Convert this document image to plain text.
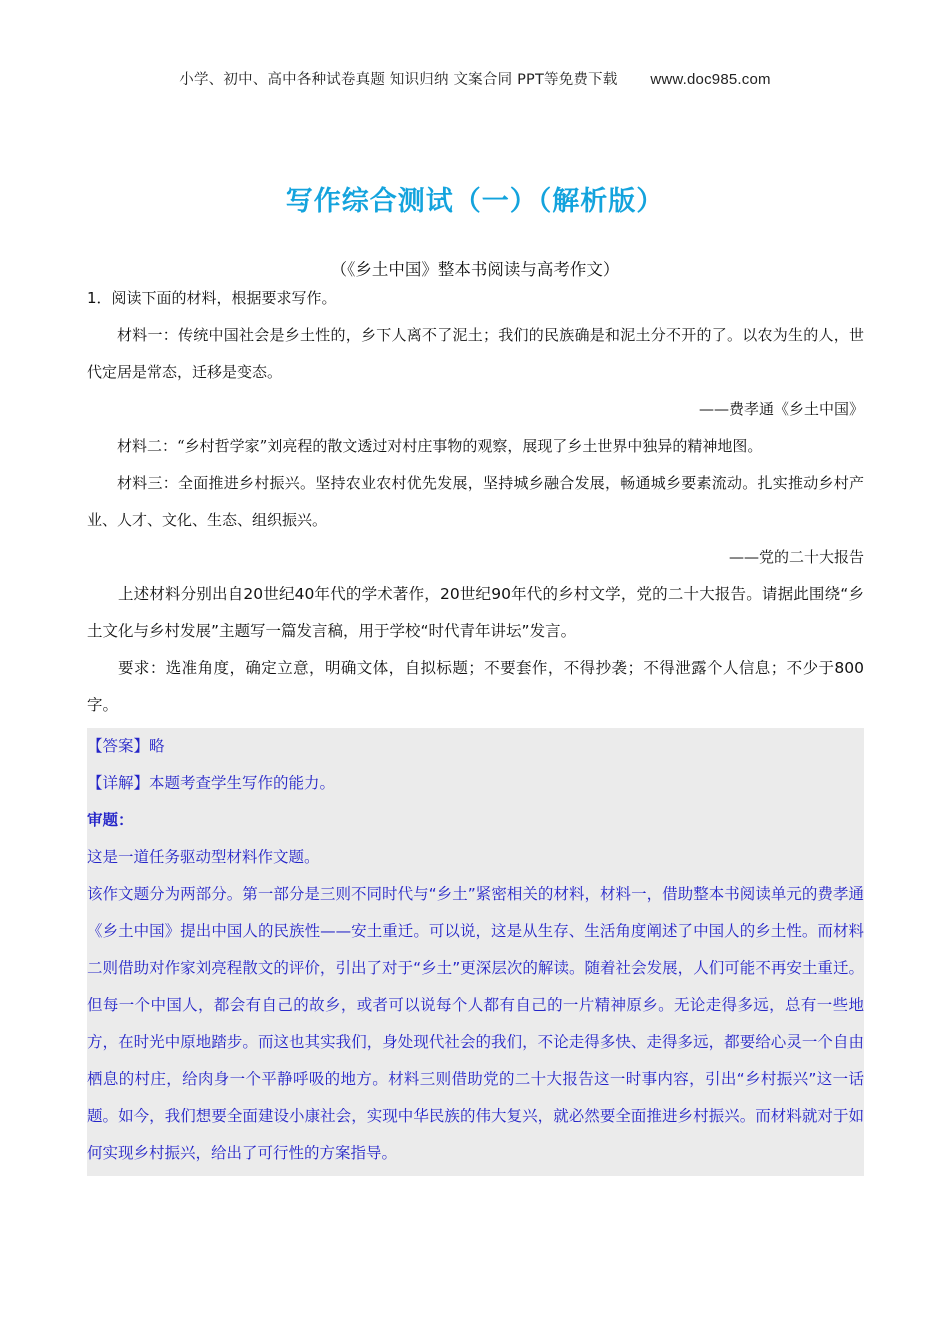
小学、初中、高中各种试卷真题 知识归纳 文案合同 PPT等免费下载 www.doc985.com
写作综合测试（一）（解析版）
（《乡土中国》整本书阅读与高考作文）

1．阅读下面的材料，根据要求写作。

材料一：传统中国社会是乡土性的，乡下人离不了泥土；我们的民族确是和泥土分不开的了。以农为生的人，世代定居是常态，迁移是变态。

——费孝通《乡土中国》

材料二：“乡村哲学家”刘亮程的散文透过对村庄事物的观察，展现了乡土世界中独异的精神地图。

材料三：全面推进乡村振兴。坚持农业农村优先发展，坚持城乡融合发展，畅通城乡要素流动。扎实推动乡村产业、人才、文化、生态、组织振兴。

——党的二十大报告

上述材料分别出自20世纪40年代的学术著作，20世纪90年代的乡村文学，党的二十大报告。请据此围绕“乡土文化与乡村发展”主题写一篇发言稿，用于学校“时代青年讲坛”发言。

要求：选准角度，确定立意，明确文体，自拟标题；不要套作，不得抄袭；不得泄露个人信息；不少于800字。

【答案】略

【详解】本题考查学生写作的能力。

审题：

这是一道任务驱动型材料作文题。

该作文题分为两部分。第一部分是三则不同时代与“乡土”紧密相关的材料，材料一，借助整本书阅读单元的费孝通《乡土中国》提出中国人的民族性——安土重迁。可以说，这是从生存、生活角度阐述了中国人的乡土性。而材料二则借助对作家刘亮程散文的评价，引出了对于“乡土”更深层次的解读。随着社会发展，人们可能不再安土重迁。但每一个中国人，都会有自己的故乡，或者可以说每个人都有自己的一片精神原乡。无论走得多远，总有一些地方，在时光中原地踏步。而这也其实我们，身处现代社会的我们，不论走得多快、走得多远，都要给心灵一个自由栖息的村庄，给肉身一个平静呼吸的地方。材料三则借助党的二十大报告这一时事内容，引出“乡村振兴”这一话题。如今，我们想要全面建设小康社会，实现中华民族的伟大复兴，就必然要全面推进乡村振兴。而材料就对于如何实现乡村振兴，给出了可行性的方案指导。
